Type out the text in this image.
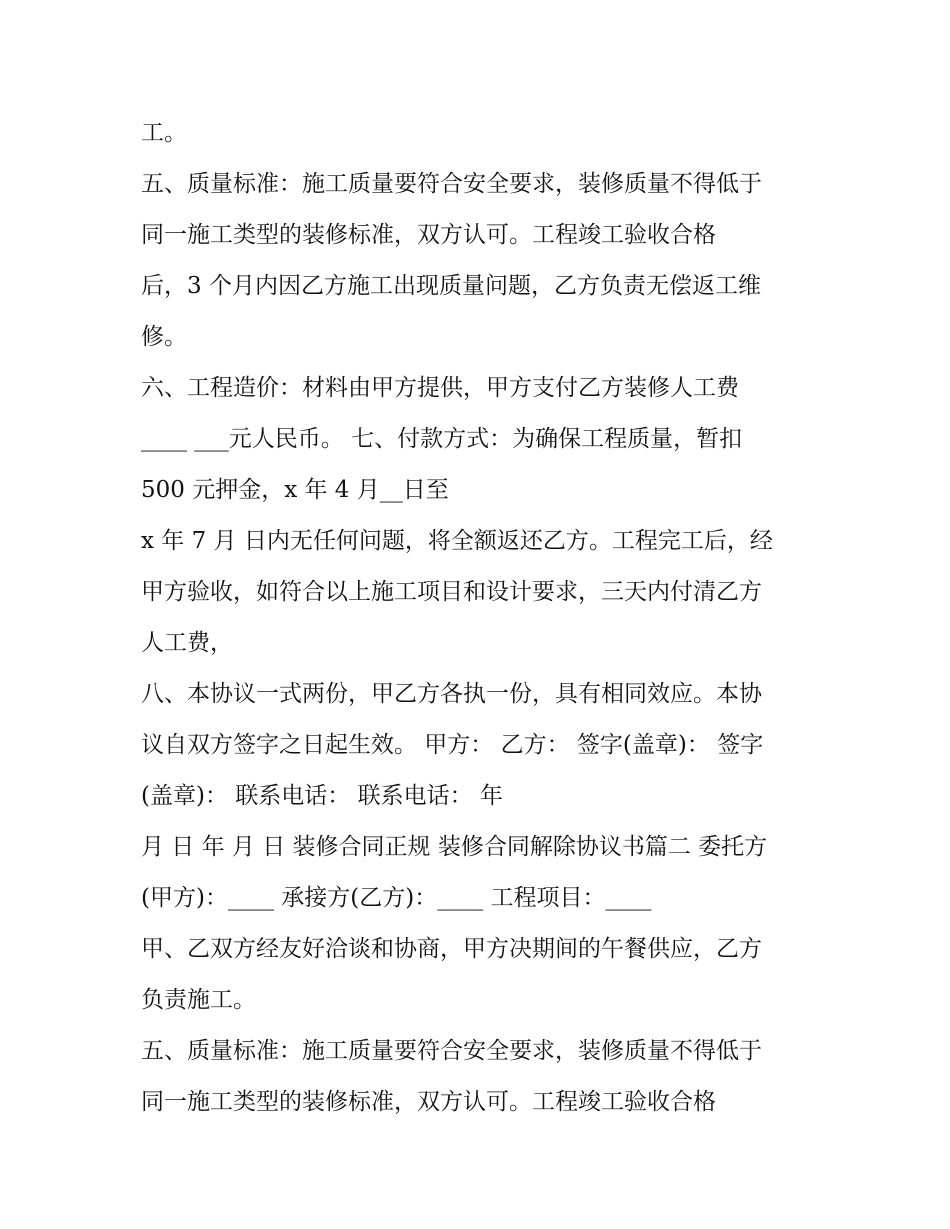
工。
五、质量标准：施工质量要符合安全要求，装修质量不得低于
同一施工类型的装修标准，双方认可。工程竣工验收合格
后，3 个月内因乙方施工出现质量问题，乙方负责无偿返工维
修。
六、工程造价：材料由甲方提供，甲方支付乙方装修人工费
____ ___元人民币。 七、付款方式：为确保工程质量，暂扣
500 元押金，x 年 4 月__日至
x 年 7 月 日内无任何问题，将全额返还乙方。工程完工后，经
甲方验收，如符合以上施工项目和设计要求，三天内付清乙方
人工费，
八、本协议一式两份，甲乙方各执一份，具有相同效应。本协
议自双方签字之日起生效。 甲方： 乙方： 签字(盖章)： 签字
(盖章)： 联系电话： 联系电话： 年
月 日 年 月 日 装修合同正规 装修合同解除协议书篇二 委托方
(甲方)：____ 承接方(乙方)：____ 工程项目：____
甲、乙双方经友好洽谈和协商，甲方决期间的午餐供应，乙方
负责施工。
五、质量标准：施工质量要符合安全要求，装修质量不得低于
同一施工类型的装修标准，双方认可。工程竣工验收合格
